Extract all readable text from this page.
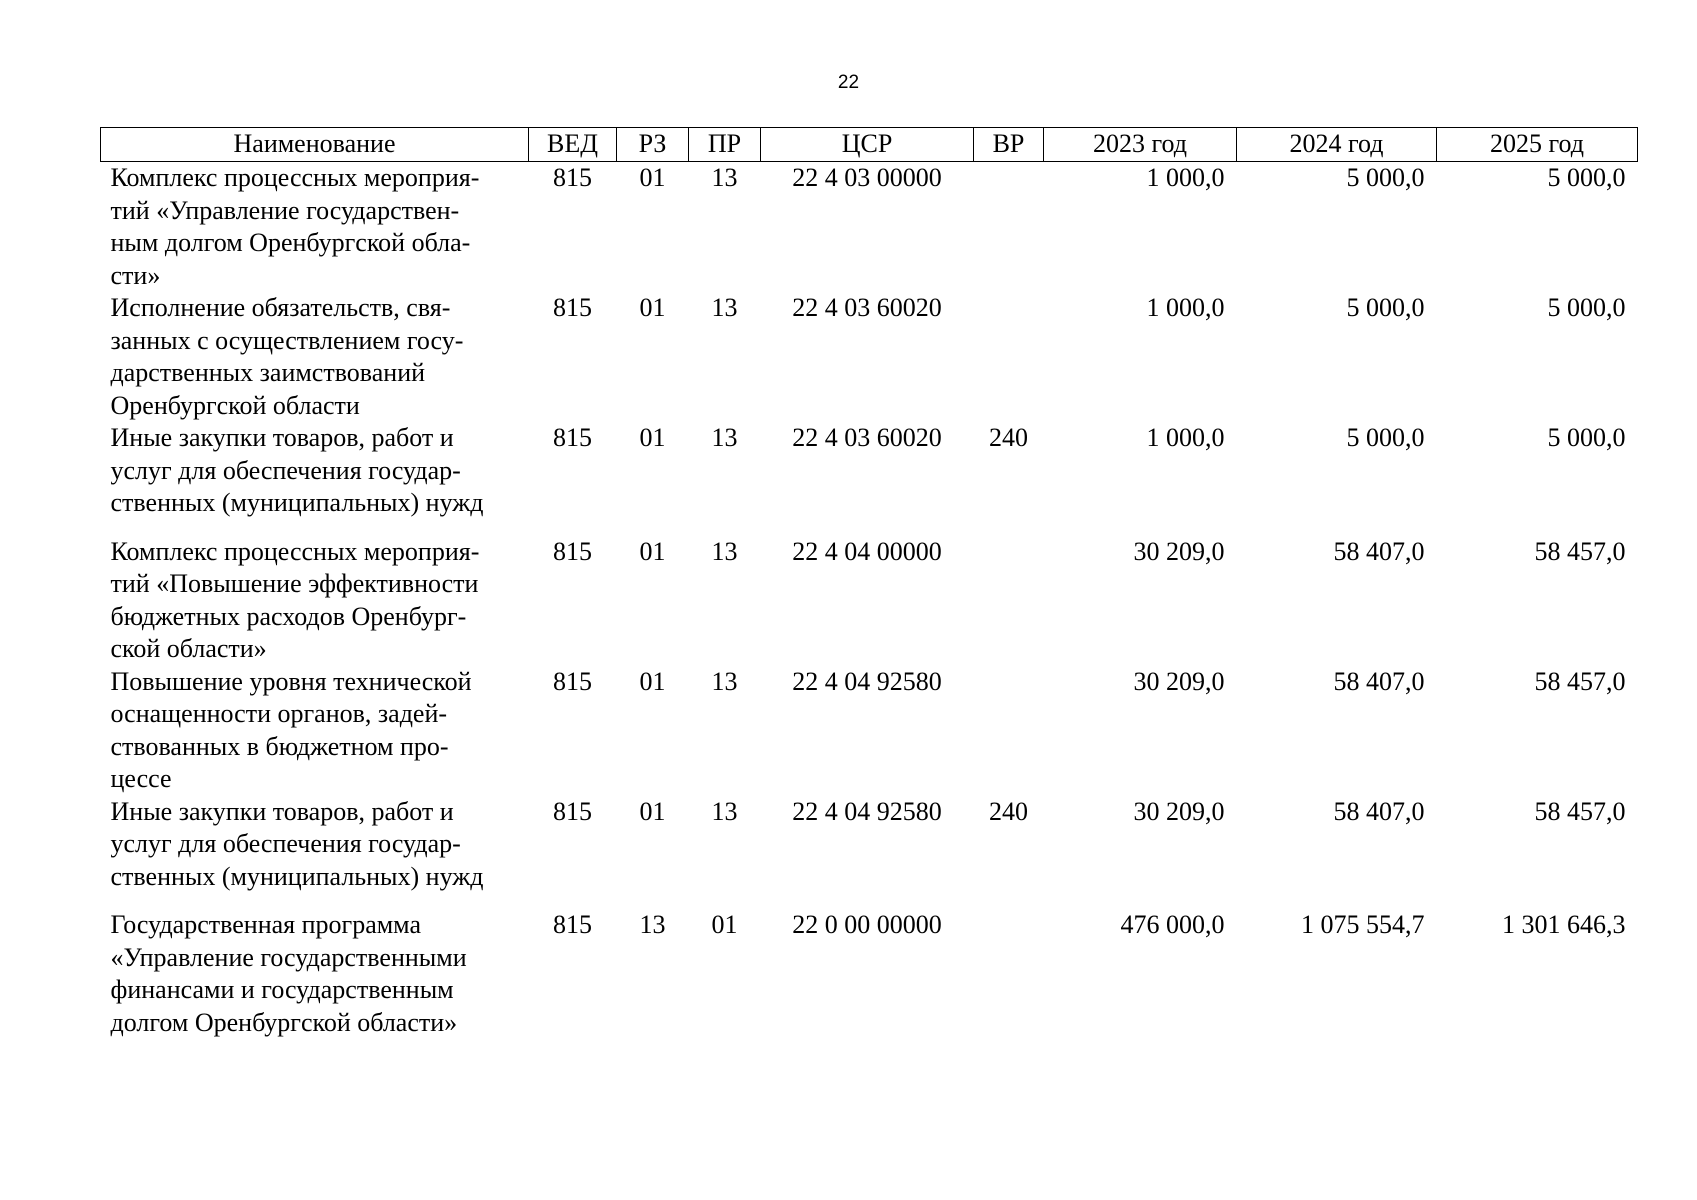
22
Наименование	ВЕД	РЗ	ПР	ЦСР	ВР	2023 год	2024 год	2025 год
Комплекс процессных мероприя-
тий «Управление государствен-
ным долгом Оренбургской обла-
сти»	815	01	13	22 4 03 00000		1 000,0	5 000,0	5 000,0
Исполнение обязательств, свя-
занных с осуществлением госу-
дарственных заимствований
Оренбургской области	815	01	13	22 4 03 60020		1 000,0	5 000,0	5 000,0
Иные закупки товаров, работ и
услуг для обеспечения государ-
ственных (муниципальных) нужд	815	01	13	22 4 03 60020	240	1 000,0	5 000,0	5 000,0
Комплекс процессных мероприя-
тий «Повышение эффективности
бюджетных расходов Оренбург-
ской области»	815	01	13	22 4 04 00000		30 209,0	58 407,0	58 457,0
Повышение уровня технической
оснащенности органов, задей-
ствованных в бюджетном про-
цессе	815	01	13	22 4 04 92580		30 209,0	58 407,0	58 457,0
Иные закупки товаров, работ и
услуг для обеспечения государ-
ственных (муниципальных) нужд	815	01	13	22 4 04 92580	240	30 209,0	58 407,0	58 457,0
Государственная программа
«Управление государственными
финансами и государственным
долгом Оренбургской области»	815	13	01	22 0 00 00000		476 000,0	1 075 554,7	1 301 646,3
